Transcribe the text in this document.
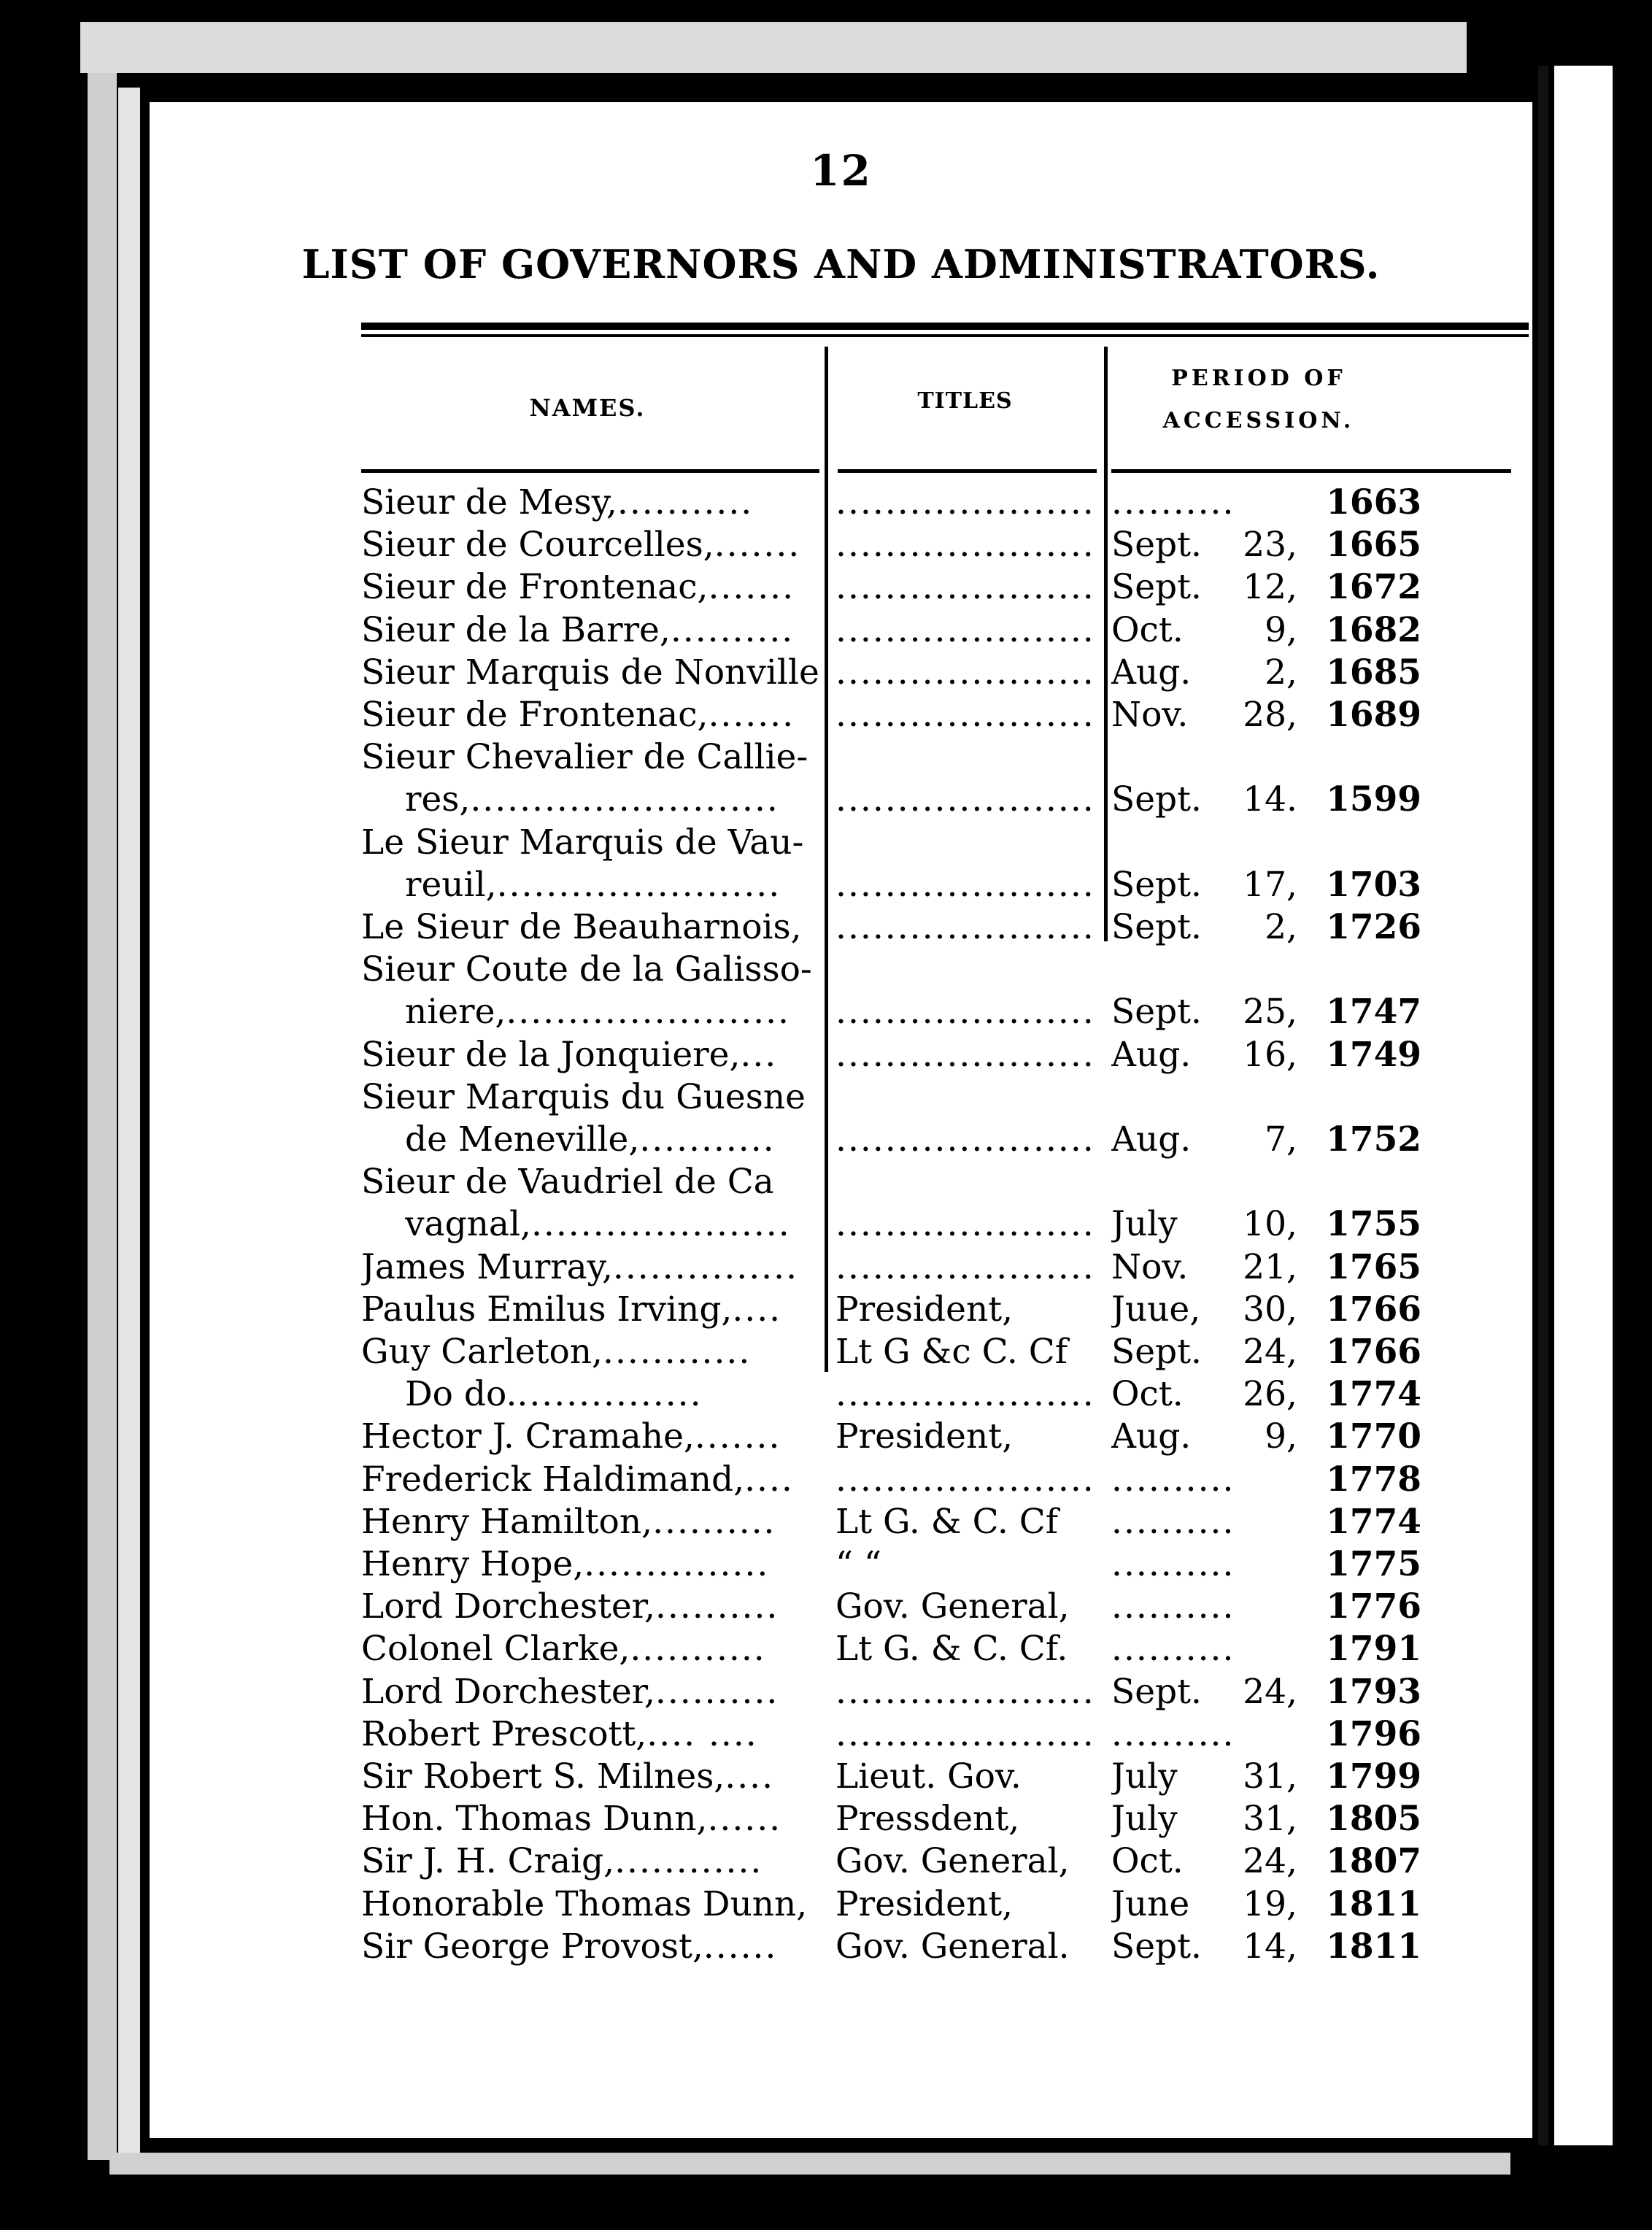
12
LIST OF GOVERNORS AND ADMINISTRATORS.
NAMES.	TITLES
PERIOD OF
ACCESSION.
Sieur de Mesy,...........	..................... ..........	1663
Sieur de Courcelles,.......	..................... Sept.	23, 1665
Sieur de Frontenac,.......	..................... Sept.	12, 1672
Sieur de la Barre,..........	..................... Oct.	9, 1682
Sieur Marquis de Nonville ..................... Aug.	2, 1685
Sieur de Frontenac,.......	..................... Nov.	28, 1689
Sieur Chevalier de Callie-
res,.........................	..................... Sept.	14. 1599
Le Sieur Marquis de Vau-
reuil,.......................	..................... Sept.	17, 1703
Le Sieur de Beauharnois, ..................... Sept.	2, 1726
Sieur Coute de la Galisso-
niere,.......................	..................... Sept.	25, 1747
Sieur de la Jonquiere,...	..................... Aug.	16, 1749
Sieur Marquis du Guesne
de Meneville,...........	..................... Aug.	7, 1752
Sieur de Vaudriel de Ca
vagnal,.....................	..................... July	10, 1755
James Murray,...............	..................... Nov.	21, 1765
Paulus Emilus Irving,....	President,	Juue,	30, 1766
Guy Carleton,............	Lt G &c C. Cf	Sept.	24, 1766
Do do................	..................... Oct.	26, 1774
Hector J. Cramahe,.......	President,	Aug.	9, 1770
Frederick Haldimand,....	..................... ..........	1778
Henry Hamilton,..........	Lt G. & C. Cf	..........	1774
Henry Hope,...............	“ “	..........	1775
Lord Dorchester,..........	Gov. General,	..........	1776
Colonel Clarke,...........	Lt G. & C. Cf.	..........	1791
Lord Dorchester,..........	..................... Sept.	24, 1793
Robert Prescott,.... ....	..................... ..........	1796
Sir Robert S. Milnes,....	Lieut. Gov.	July	31, 1799
Hon. Thomas Dunn,......	Pressdent,	July	31, 1805
Sir J. H. Craig,............	Gov. General,	Oct.	24, 1807
Honorable Thomas Dunn, President,	June	19, 1811
Sir George Provost,......	Gov. General.	Sept.	14, 1811
